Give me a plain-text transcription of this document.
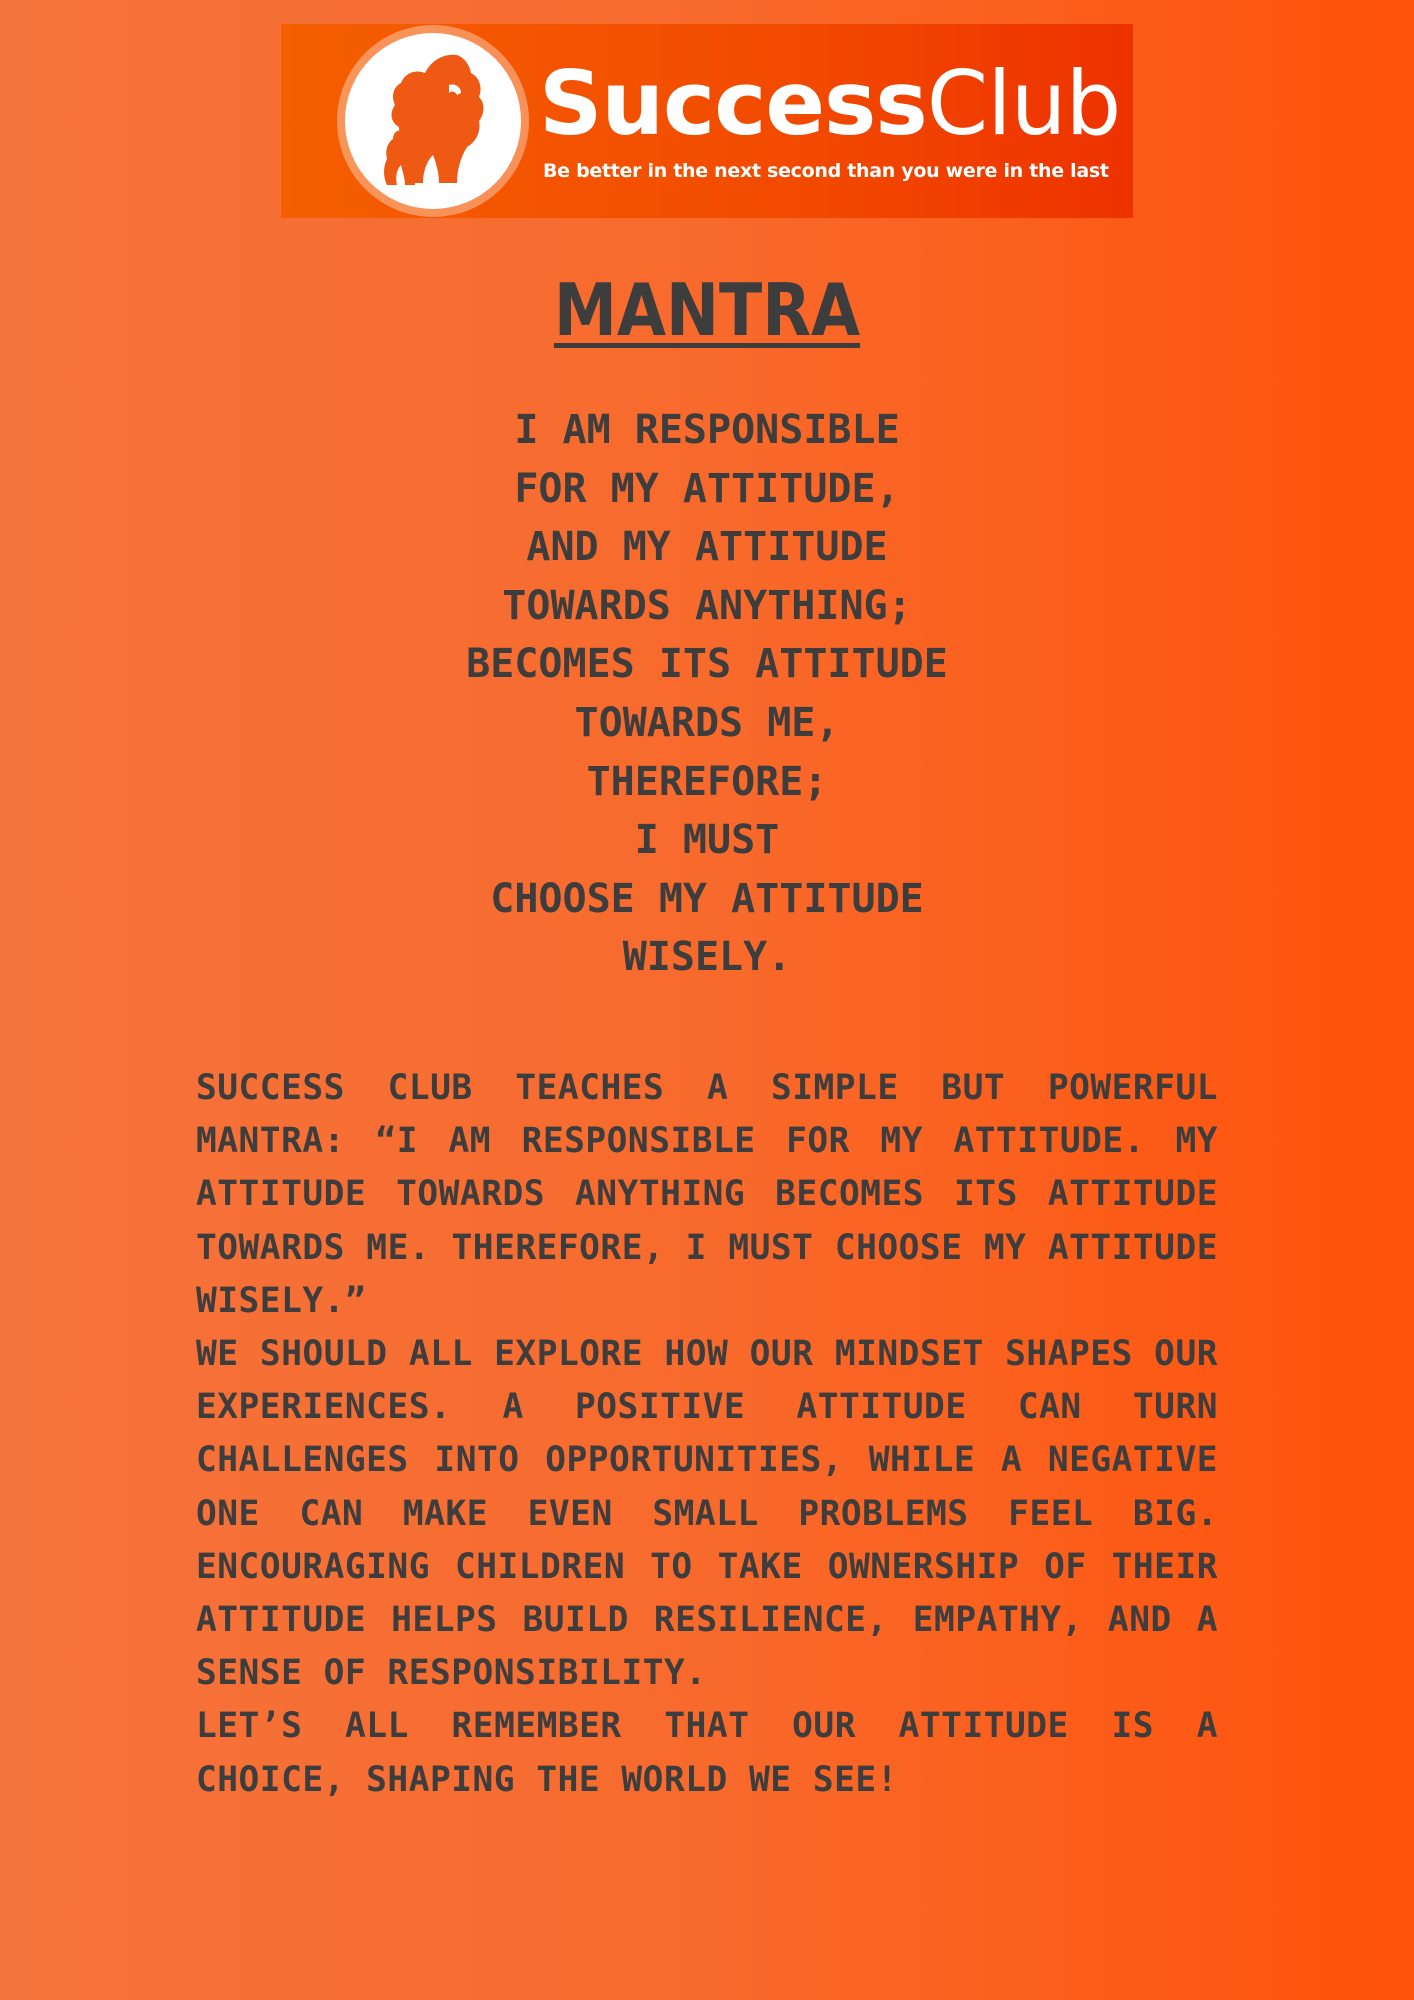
SuccessClub
Be better in the next second than you were in the last
MANTRA
I AM RESPONSIBLE
FOR MY ATTITUDE,
AND MY ATTITUDE
TOWARDS ANYTHING;
BECOMES ITS ATTITUDE
TOWARDS ME,
THEREFORE;
I MUST
CHOOSE MY ATTITUDE
WISELY.

SUCCESS CLUB TEACHES A SIMPLE BUT POWERFUL MANTRA: “I AM RESPONSIBLE FOR MY ATTITUDE. MY ATTITUDE TOWARDS ANYTHING BECOMES ITS ATTITUDE TOWARDS ME. THEREFORE, I MUST CHOOSE MY ATTITUDE WISELY.”

WE SHOULD ALL EXPLORE HOW OUR MINDSET SHAPES OUR EXPERIENCES. A POSITIVE ATTITUDE CAN TURN CHALLENGES INTO OPPORTUNITIES, WHILE A NEGATIVE ONE CAN MAKE EVEN SMALL PROBLEMS FEEL BIG. ENCOURAGING CHILDREN TO TAKE OWNERSHIP OF THEIR ATTITUDE HELPS BUILD RESILIENCE, EMPATHY, AND A SENSE OF RESPONSIBILITY.

LET’S ALL REMEMBER THAT OUR ATTITUDE IS A CHOICE, SHAPING THE WORLD WE SEE!
